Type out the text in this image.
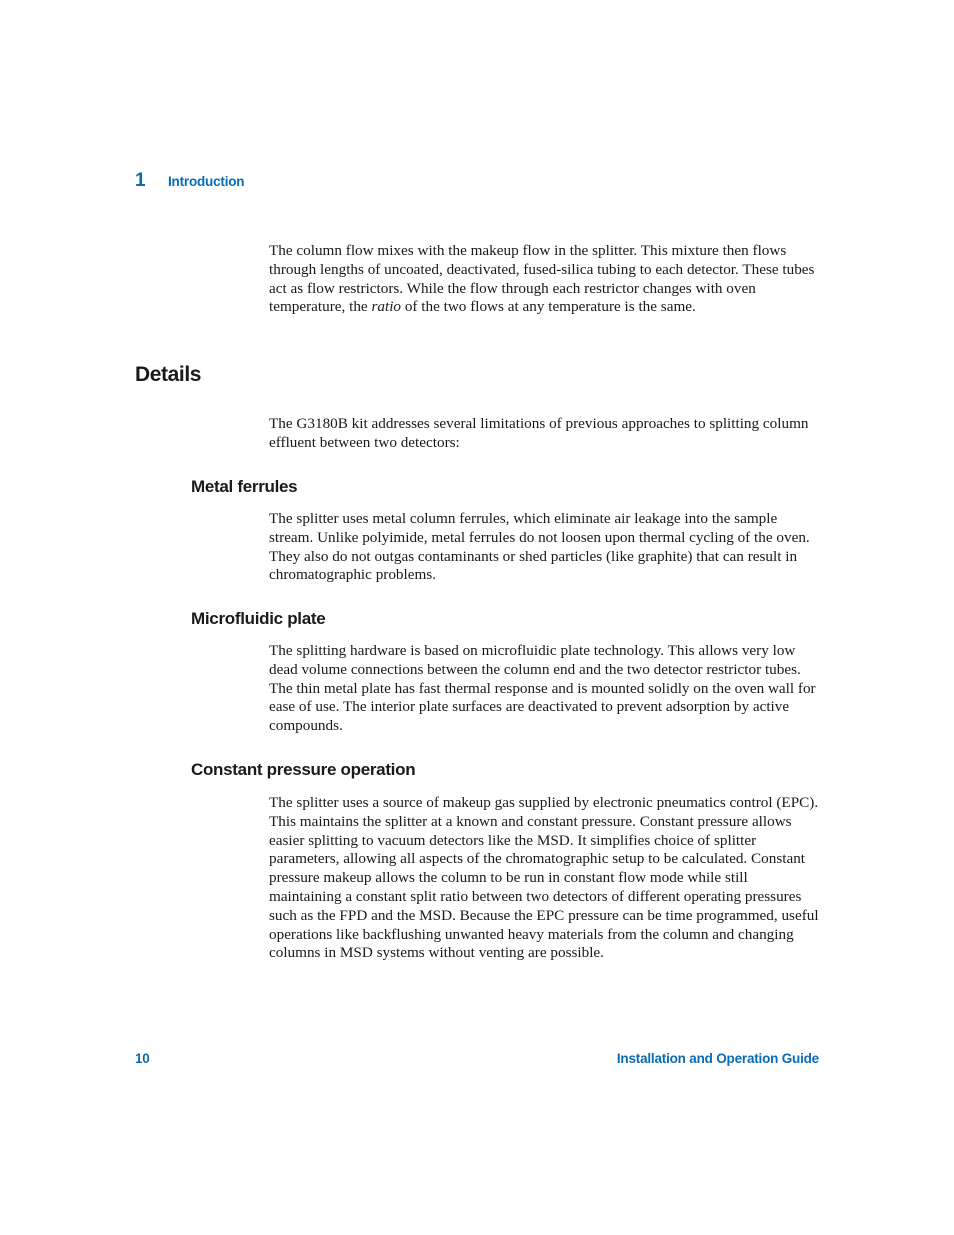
1	Introduction

The column flow mixes with the makeup flow in the splitter. This mixture then flows through lengths of uncoated, deactivated, fused-silica tubing to each detector. These tubes act as flow restrictors. While the flow through each restrictor changes with oven temperature, the ratio of the two flows at any temperature is the same.

Details

The G3180B kit addresses several limitations of previous approaches to splitting column effluent between two detectors:

Metal ferrules

The splitter uses metal column ferrules, which eliminate air leakage into the sample stream. Unlike polyimide, metal ferrules do not loosen upon thermal cycling of the oven. They also do not outgas contaminants or shed particles (like graphite) that can result in chromatographic problems.

Microfluidic plate

The splitting hardware is based on microfluidic plate technology. This allows very low dead volume connections between the column end and the two detector restrictor tubes. The thin metal plate has fast thermal response and is mounted solidly on the oven wall for ease of use. The interior plate surfaces are deactivated to prevent adsorption by active compounds.

Constant pressure operation

The splitter uses a source of makeup gas supplied by electronic pneumatics control (EPC). This maintains the splitter at a known and constant pressure. Constant pressure allows easier splitting to vacuum detectors like the MSD. It simplifies choice of splitter parameters, allowing all aspects of the chromatographic setup to be calculated. Constant pressure makeup allows the column to be run in constant flow mode while still maintaining a constant split ratio between two detectors of different operating pressures such as the FPD and the MSD. Because the EPC pressure can be time programmed, useful operations like backflushing unwanted heavy materials from the column and changing columns in MSD systems without venting are possible.

10	Installation and Operation Guide
